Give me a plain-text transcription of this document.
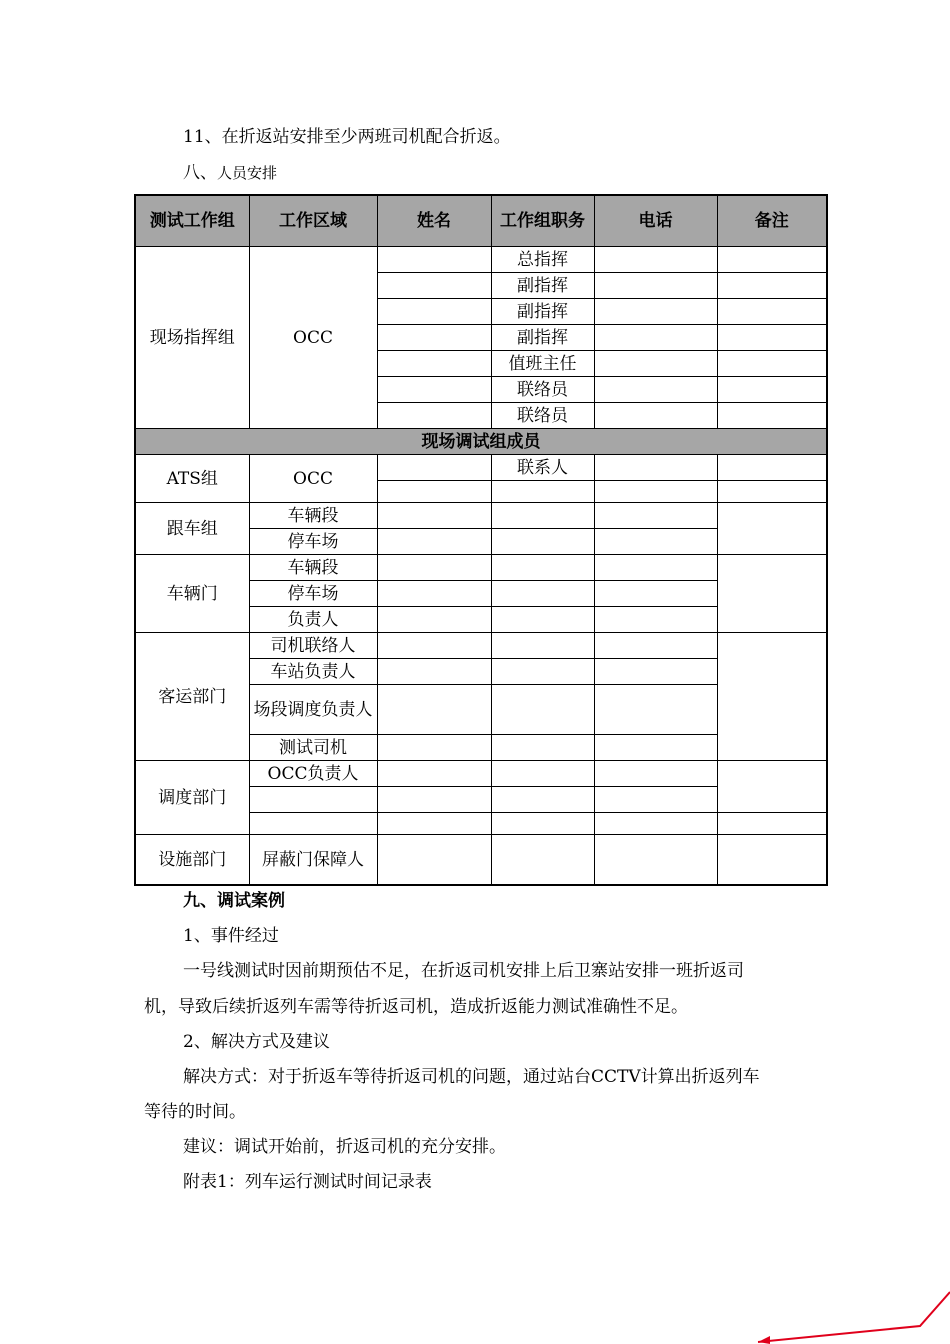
11、在折返站安排至少两班司机配合折返。
八、人员安排
测试工作组	工作区域	姓名	工作组职务	电话	备注
现场指挥组	OCC		总指挥		
			副指挥		
			副指挥		
			副指挥		
			值班主任		
			联络员		
			联络员		
现场调试组成员					
ATS组	OCC		联系人		

跟车组	车辆段				
	停车场				
车辆门	车辆段				
	停车场				
	负责人				
客运部门	司机联络人				
	车站负责人				
	场段调度负责人				
	测试司机				
调度部门	OCC负责人				

设施部门	屏蔽门保障人				
九、调试案例
1、事件经过
一号线测试时因前期预估不足，在折返司机安排上后卫寨站安排一班折返司
机，导致后续折返列车需等待折返司机，造成折返能力测试准确性不足。
2、解决方式及建议
解决方式：对于折返车等待折返司机的问题，通过站台CCTV计算出折返列车
等待的时间。
建议：调试开始前，折返司机的充分安排。
附表1：列车运行测试时间记录表
